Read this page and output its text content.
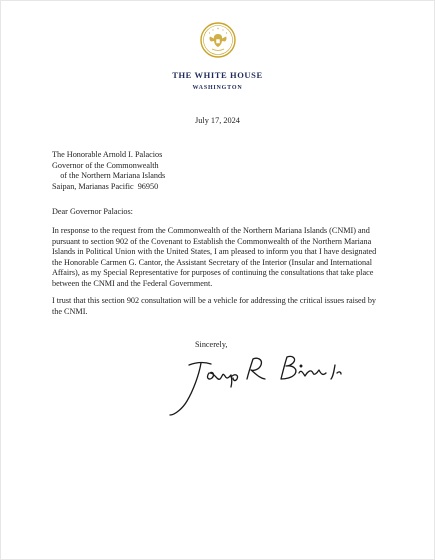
THE WHITE HOUSE
WASHINGTON
July 17, 2024
The Honorable Arnold I. Palacios
Governor of the Commonwealth
of the Northern Mariana Islands
Saipan, Marianas Pacific  96950
Dear Governor Palacios:
In response to the request from the Commonwealth of the Northern Mariana Islands (CNMI) and pursuant to section 902 of the Covenant to Establish the Commonwealth of the Northern Mariana Islands in Political Union with the United States, I am pleased to inform you that I have designated the Honorable Carmen G. Cantor, the Assistant Secretary of the Interior (Insular and International Affairs), as my Special Representative for purposes of continuing the consultations that take place between the CNMI and the Federal Government.
I trust that this section 902 consultation will be a vehicle for addressing the critical issues raised by the CNMI.
Sincerely,
